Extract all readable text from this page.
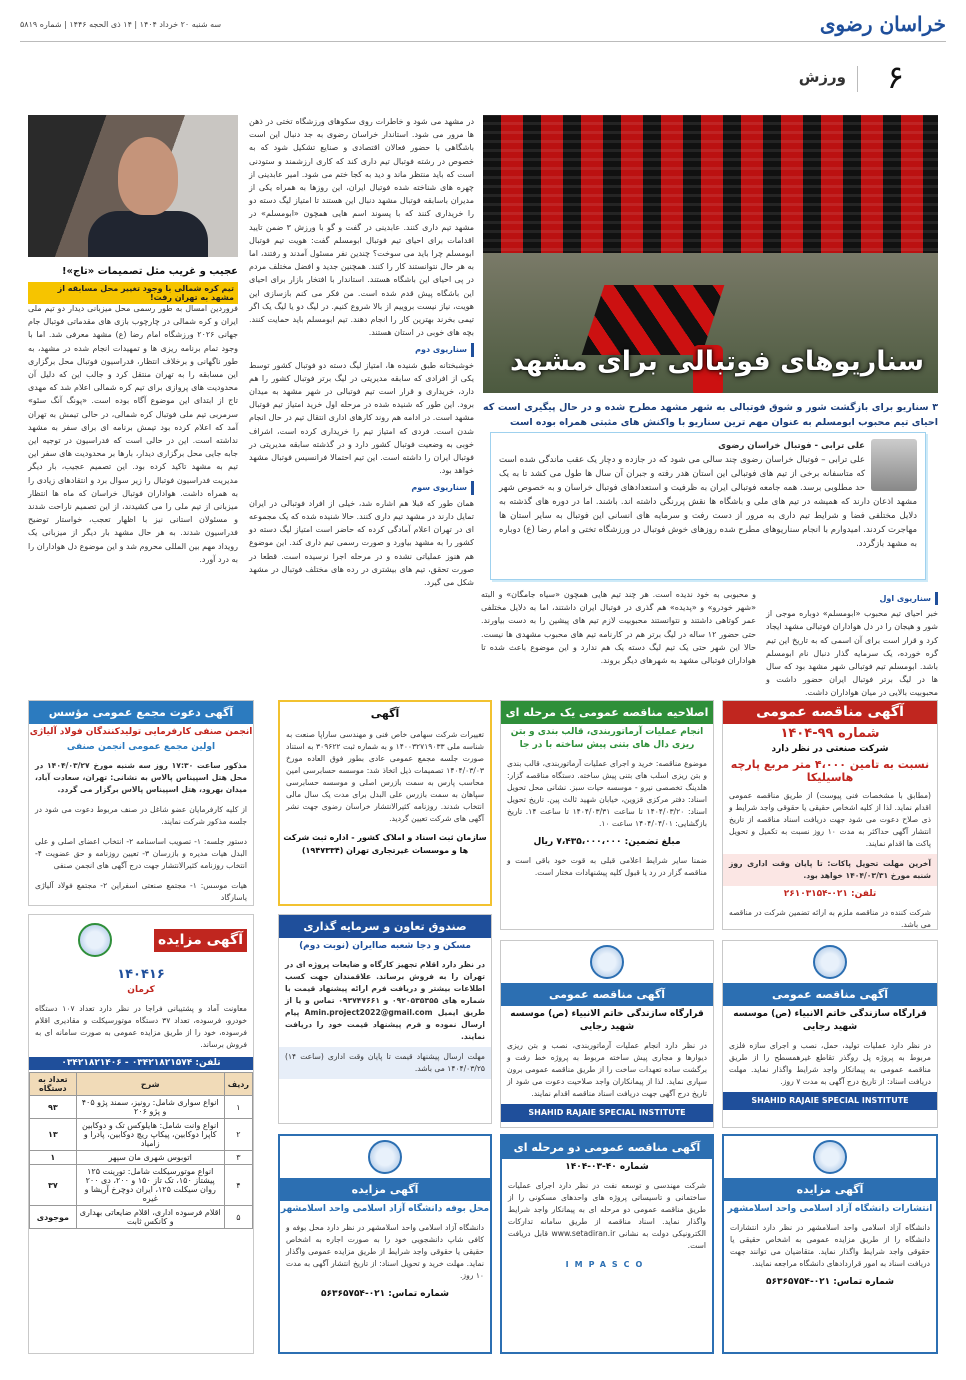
خراسان رضوی
سه شنبه ۲۰ خرداد ۱۴۰۴ | ۱۴ ذی الحجه ۱۴۴۶ | شماره ۵۸۱۹
۶
ورزش
سناریوهای فوتبالی برای مشهد
۳ سناریو برای بازگشت شور و شوق فوتبالی به شهر مشهد مطرح شده و در حال پیگیری است که احیای تیم محبوب ابومسلم به عنوان مهم ترین سناریو با واکنش های مثبتی همراه بوده است
علی ترابی - فوتبال خراسان رضوی
علی ترابی – فوتبال خراسان رضوی چند سالی می شود که در جازده و دچار یک عقب ماندگی شده است که متاسفانه برخی از تیم های فوتبالی این استان هدر رفته و جبران آن سال ها طول می کشد تا به یک حد مطلوبی برسد. همه جامعه فوتبالی ایران به ظرفیت و استعدادهای فوتبال خراسان و به خصوص شهر مشهد اذعان دارند که همیشه در تیم های ملی و باشگاه ها نقش پررنگی داشته اند. باشند. اما در دوره های گذشته به دلایل مختلفی فضا و شرایط تیم داری به مرور از دست رفت و سرمایه های انسانی این فوتبال به سایر استان ها مهاجرت کردند. امیدوارم با انجام سناریوهای مطرح شده روزهای خوش فوتبال در ورزشگاه تختی و امام رضا (ع) دوباره به مشهد بازگردد.
سناریوی اول
خبر احیای تیم محبوب «ابومسلم» دوباره موجی از شور و هیجان را در دل هواداران فوتبالی مشهد ایجاد کرد و قرار است برای آن اسمی که به تاریخ این تیم گره خورده، یک سرمایه گذار دنبال نام ابومسلم باشد. ابومسلم تیم فوتبالی شهر مشهد بود که سال ها در لیگ برتر فوتبال ایران حضور داشت و محبوبیت بالایی در میان هواداران داشت.
و محبوبی به خود ندیده است. هر چند تیم هایی همچون «سیاه جامگان» و البته «شهر خودرو» و «پدیده» هم گذری در فوتبال ایران داشتند، اما به دلایل مختلفی عمر کوتاهی داشتند و نتوانستند محبوبیت لازم تیم های پیشین را به دست بیاورند. حتی حضور ۱۲ ساله در لیگ برتر هم در کارنامه تیم های محبوب مشهدی ها نیست. حالا این شهر حتی یک تیم لیگ دسته یک هم ندارد و این موضوع باعث شده تا هواداران فوتبالی مشهد به شهرهای دیگر بروند.
در مشهد می شود و خاطرات روی سکوهای ورزشگاه تختی در ذهن ها مرور می شود. استاندار خراسان رضوی به جد دنبال این است باشگاهی با حضور فعالان اقتصادی و صنایع تشکیل شود که به خصوص در رشته فوتبال تیم داری کند که کاری ارزشمند و ستودنی است که باید منتظر ماند و دید به کجا ختم می شود. امیر عابدینی از چهره های شناخته شده فوتبال ایران، این روزها به همراه یکی از مدیران باسابقه فوتبال مشهد دنبال این هستند تا امتیاز لیگ دسته دو را خریداری کنند که با پسوند اسم هایی همچون «ابومسلم» در مشهد تیم داری کنند. عابدینی در گفت و گو با ورزش ۳ ضمن تایید اقدامات برای احیای تیم فوتبال ابومسلم گفت: هویت تیم فوتبال ابومسلم چرا باید می سوخت؟ چندین نفر مسئول آمدند و رفتند، اما به هر حال نتوانستند کار را کنند. همچنین جدید و افضل مختلف مردم در پی احیای این باشگاه هستند. استاندار با افتخار بازار برای احیای این باشگاه پیش قدم شده است. من فکر می کنم بازسازی این هویت، نیاز نیست بروییم از بالا شروع کنیم. در لیگ دو یا لیگ یک اگر تیمی بخرند بهترین کار را انجام دهند. تیم ابومسلم باید حمایت کنند. بچه های خوبی در استان هستند.
سناریوی دوم
خوشبختانه طبق شنیده ها، امتیاز لیگ دسته دو فوتبال کشور توسط یکی از افرادی که سابقه مدیریتی در لیگ برتر فوتبال کشور را هم دارد، خریداری و قرار است تیم فوتبالی در شهر مشهد به میدان برود. این طور که شنیده شده در مرحله اول خرید امتیاز تیم فوتبال مشهد است. در ادامه هم روند کارهای اداری انتقال تیم در حال انجام شدن است. فردی که امتیاز تیم را خریداری کرده است، اشراف خوبی به وضعیت فوتبال کشور دارد و در گذشته سابقه مدیریتی در فوتبال ایران را داشته است. این تیم احتمالا فرانسیس فوتبال مشهد خواهد بود.
سناریوی سوم
همان طور که قبلا هم اشاره شد، خیلی از افراد فوتبالی در ایران تمایل دارند در مشهد تیم داری کنند. حالا شنیده شده که یک مجموعه ای در تهران اعلام آمادگی کرده که حاضر است امتیاز لیگ دسته دو کشور را به مشهد بیاورد و صورت رسمی تیم داری کند. این موضوع هم هنوز عملیاتی نشده و در مرحله اجرا نرسیده است. قطعا در صورت تحقق، تیم های بیشتری در رده های مختلف فوتبال در مشهد شکل می گیرد.
عجیب و غریب مثل تصمیمات «تاج»!
تیم کره شمالی با وجود تغییر محل مسابقه از مشهد به تهران رفت!
فروردین امسال به طور رسمی محل میزبانی دیدار دو تیم ملی ایران و کره شمالی در چارچوب بازی های مقدماتی فوتبال جام جهانی ۲۰۲۶ ورزشگاه امام رضا (ع) مشهد معرفی شد. اما با وجود تمام برنامه ریزی ها و تمهیدات انجام شده در مشهد، به طور ناگهانی و برخلاف انتظار، فدراسیون فوتبال محل برگزاری این مسابقه را به تهران منتقل کرد و جالب این که دلیل آن محدودیت های پروازی برای تیم کره شمالی اعلام شد که مهدی تاج از ابتدای این موضوع آگاه بوده است. «پونگ آنگ سئو» سرمربی تیم ملی فوتبال کره شمالی، در حالی تیمش به تهران آمد که اعلام کرده بود تیمش برنامه ای برای سفر به مشهد نداشته است. این در حالی است که فدراسیون در توجیه این جابه جایی محل برگزاری دیدار، بارها بر محدودیت های سفر این تیم به مشهد تاکید کرده بود. این تصمیم عجیب، بار دیگر مدیریت فدراسیون فوتبال را زیر سوال برد و انتقادهای زیادی را به همراه داشت. هواداران فوتبال خراسان که ماه ها انتظار میزبانی از تیم ملی را می کشیدند، از این تصمیم ناراحت شدند و مسئولان استانی نیز با اظهار تعجب، خواستار توضیح فدراسیون شدند. به هر حال مشهد بار دیگر از میزبانی یک رویداد مهم بین المللی محروم شد و این موضوع دل هواداران را به درد آورد.
آگهی مناقصه عمومی
شماره ۹۹-۱۴۰۴
شرکت صنعتی در نظر دارد
نسبت به تامین ۴،۰۰۰ متر مربع پارچه هاسیلیکا
(مطابق با مشخصات فنی پیوست) از طریق مناقصه عمومی اقدام نماید. لذا از کلیه اشخاص حقیقی یا حقوقی واجد شرایط و ذی صلاح دعوت می شود جهت دریافت اسناد مناقصه از تاریخ انتشار آگهی حداکثر به مدت ۱۰ روز نسبت به تکمیل و تحویل پاکت ها اقدام نمایند.
آخرین مهلت تحویل پاکات: تا پایان وقت اداری روز شنبه مورخ ۱۴۰۴/۰۳/۳۱ خواهد بود.
تلفن: ۰۲۱-۲۶۱۰۳۱۵۴
شرکت کننده در مناقصه ملزم به ارائه تضمین شرکت در مناقصه می باشد.
اصلاحیه مناقصه عمومی یک مرحله ای
انجام عملیات آرماتوربندی، قالب بندی و بتن ریزی دال های بتنی پیش ساخته با در جا
موضوع مناقصه: خرید و اجرای عملیات آرماتوربندی، قالب بندی و بتن ریزی اسلب های بتنی پیش ساخته. دستگاه مناقصه گزار: هلدینگ تخصصی نیرو - موسسه حیات سبز. نشانی محل تحویل اسناد: دفتر مرکزی قزوین، خیابان شهید ثالث پین. تاریخ تحویل اسناد: ۱۴۰۴/۰۳/۲۰ تا ساعت ۱۴۰۴/۰۳/۳۱ تا ساعت ۱۴. تاریخ بازگشایی: ۱۴۰۴/۰۴/۰۱ ساعت ۱۰.
مبلغ تضمین: ۷،۴۳۵،۰۰۰،۰۰۰ ریال
ضمنا سایر شرایط اعلامی قبلی به قوت خود باقی است و مناقصه گزار در رد یا قبول کلیه پیشنهادات مختار است.
آگهی
تغییرات شرکت سهامی خاص فنی و مهندسی ساراپا صنعت به شناسه ملی ۱۴۰۰۳۲۷۱۹۰۳۳ و به شماره ثبت ۳۰۹۶۲۲ به استناد صورت جلسه مجمع عمومی عادی بطور فوق العاده مورخ ۱۴۰۴/۰۳/۰۳ تصمیمات ذیل اتخاذ شد: موسسه حسابرسی امین محاسب پارس به سمت بازرس اصلی و موسسه حسابرسی سپاهان به سمت بازرس علی البدل برای مدت یک سال مالی انتخاب شدند. روزنامه کثیرالانتشار خراسان رضوی جهت نشر آگهی های شرکت تعیین گردید.
سازمان ثبت اسناد و املاک کشور - اداره ثبت شرکت ها و موسسات غیرتجاری تهران (۱۹۴۷۳۳۴)
آگهی دعوت مجمع عمومی مؤسس
انجمن صنفی کارفرمایی تولیدکنندگان فولاد آلیاژی
اولین مجمع عمومی انجمن صنفی
مذکور ساعت ۱۷:۳۰ روز سه شنبه مورخ ۱۴۰۴/۰۳/۲۷ در محل هتل اسپیناس پالاس به نشانی: تهران، سعادت آباد، میدان بهرود، هتل اسپیناس پالاس برگزار می گردد.
از کلیه کارفرمایان عضو شاغل در صنف مربوط دعوت می شود در جلسه مذکور شرکت نمایند.
دستور جلسه: ۱- تصویب اساسنامه ۲- انتخاب اعضای اصلی و علی البدل هیات مدیره و بازرسان ۳- تعیین روزنامه و حق عضویت ۴- انتخاب روزنامه کثیرالانتشار جهت درج آگهی های انجمن صنفی
هیات موسس: ۱- مجتمع صنعتی اسفراین ۲- مجتمع فولاد آلیاژی یاسارگاد
آگهی مزایده
۱۴۰۴۱۶
کرمان
معاونت آماد و پشتیبانی فراجا در نظر دارد تعداد ۱۰۷ دستگاه خودرو، فرسوده، تعداد ۳۷ دستگاه موتورسیکلت و مقادیری اقلام فرسوده، خود را از طریق مزایده عمومی به صورت سامانه ای به فروش برساند.
تلفن: ۰۳۴۲۱۸۲۱۵۷۴ - ۰۳۴۲۱۸۲۱۴۰۶
ردیف	شرح	تعداد به دستگاه
۱	انواع سواری شامل: رونیز، سمند پژو ۴۰۵ و پژو ۲۰۶	۹۳
۲	انواع وانت شامل: هایلوکس تک و دوکابین کاپرا دوکابین، پیکاپ ریچ دوکابین، پادرا و زامیاد	۱۳
۳	اتوبوس شهری مان سپهر	۱
۴	انواع موتورسیکلت شامل: تورینت ۱۲۵ پیشتاز ۱۵۰، تک تاز ۱۵۰ و ۲۰۰، دی ۲۰۰ روان سیکلت ۱۲۵، ایران دوچرخ آریشا و غیره	۳۷
۵	اقلام فرسوده اداری، اقلام ضایعاتی بهداری و کانکس ثابت	موجودی
صندوق تعاون و سرمایه گذاری
مسکن و دجا شعبه صاایران (نوبت دوم)
در نظر دارد اقلام تجهیز کارگاه و ضایعات پروژه ای در تهران را به فروش برساند. علاقمندان جهت کسب اطلاعات بیشتر و دریافت فرم ارائه پیشنهاد قیمت با شماره های ۰۹۲۰۵۳۵۳۵۵ و ۰۹۳۷۴۷۶۶۱ تماس و یا از طریق ایمیل Amin.project2022@gmail.com پیام ارسال نموده و فرم پیشنهاد قیمت خود را دریافت نمایند.
مهلت ارسال پیشنهاد قیمت تا پایان وقت اداری (ساعت ۱۴) ۱۴۰۴/۰۳/۲۵ می باشد.
آگهی مناقصه عمومی
قرارگاه سازندگی خاتم الانبیاء (ص) موسسه شهید رجایی
در نظر دارد انجام عملیات آرماتوربندی، نصب و بتن ریزی دیوارها و مجاری پیش ساخته مربوط به پروژه خط رفت و برگشت ساده تعهدات ساخت را از طریق مناقصه عمومی برون سپاری نماید. لذا از پیمانکاران واجد صلاحیت دعوت می شود از تاریخ درج آگهی جهت دریافت اسناد مناقصه اقدام نمایند.
SHAHID RAJAIE SPECIAL INSTITUTE
آگهی مناقصه عمومی
قرارگاه سازندگی خاتم الانبیاء (ص) موسسه شهید رجایی
در نظر دارد عملیات تولید، حمل، نصب و اجرای سازه فلزی مربوط به پروژه پل روگذر تقاطع غیرهمسطح را از طریق مناقصه عمومی به پیمانکار واجد شرایط واگذار نماید. مهلت دریافت اسناد: از تاریخ درج آگهی به مدت ۷ روز.
SHAHID RAJAIE SPECIAL INSTITUTE
آگهی مزایده
محل بوفه دانشگاه آزاد اسلامی واحد اسلامشهر
دانشگاه آزاد اسلامی واحد اسلامشهر در نظر دارد محل بوفه و کافی شاپ دانشجویی خود را به صورت اجاره به اشخاص حقیقی یا حقوقی واجد شرایط از طریق مزایده عمومی واگذار نماید. مهلت خرید و تحویل اسناد: از تاریخ انتشار آگهی به مدت ۱۰ روز.
شماره تماس: ۰۲۱-۵۶۳۶۵۷۵۴
آگهی مناقصه عمومی دو مرحله ای
شماره ۴۰-۰۳-۱۴۰۴
شرکت مهندسی و توسعه نفت در نظر دارد اجرای عملیات ساختمانی و تاسیساتی پروژه های واحدهای مسکونی را از طریق مناقصه عمومی دو مرحله ای به پیمانکار واجد شرایط واگذار نماید. اسناد مناقصه از طریق سامانه تدارکات الکترونیکی دولت به نشانی www.setadiran.ir قابل دریافت است.
IMPASCO
آگهی مزایده
انتشارات دانشگاه آزاد اسلامی واحد اسلامشهر
دانشگاه آزاد اسلامی واحد اسلامشهر در نظر دارد انتشارات دانشگاه را از طریق مزایده عمومی به اشخاص حقیقی یا حقوقی واجد شرایط واگذار نماید. متقاضیان می توانند جهت دریافت اسناد به امور قراردادهای دانشگاه مراجعه نمایند.
شماره تماس: ۰۲۱-۵۶۳۶۵۷۵۴
